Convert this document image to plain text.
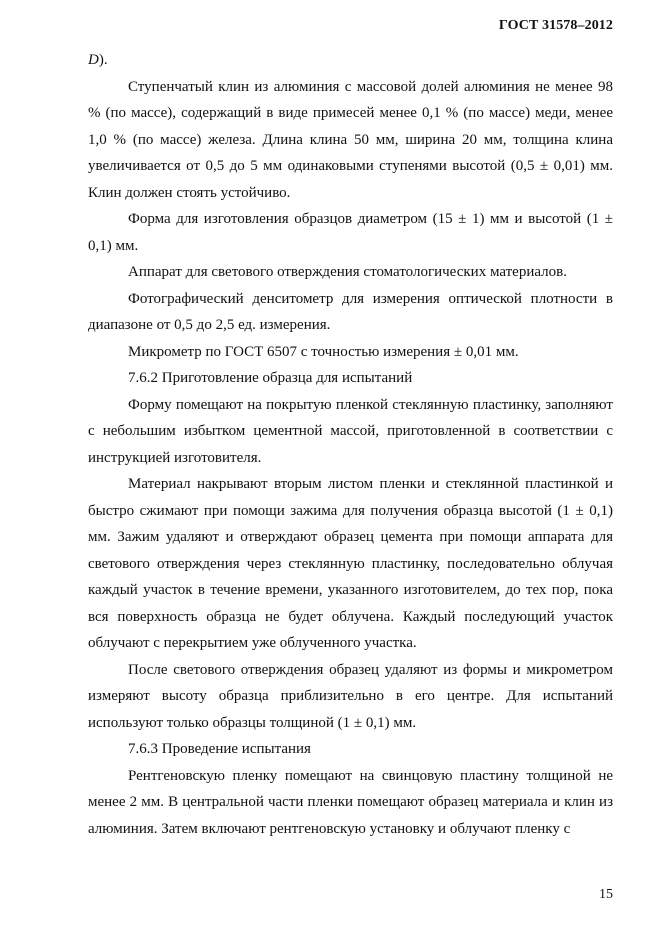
ГОСТ 31578–2012

D).

Ступенчатый клин из алюминия с массовой долей алюминия не менее 98 % (по массе), содержащий в виде примесей менее 0,1 % (по массе) меди, менее 1,0 % (по массе) железа. Длина клина 50 мм, ширина 20 мм, толщина клина увеличивается от 0,5 до 5 мм одинаковыми ступенями высотой (0,5 ± 0,01) мм. Клин должен стоять устойчиво.

Форма для изготовления образцов диаметром (15 ± 1) мм и высотой (1 ± 0,1) мм.

Аппарат для светового отверждения стоматологических материалов.

Фотографический денситометр для измерения оптической плотности в диапазоне от 0,5 до 2,5 ед. измерения.

Микрометр по ГОСТ 6507 с точностью измерения ± 0,01 мм.

7.6.2 Приготовление образца для испытаний

Форму помещают на покрытую пленкой стеклянную пластинку, заполняют с небольшим избытком цементной массой, приготовленной в соответствии с инструкцией изготовителя.

Материал накрывают вторым листом пленки и стеклянной пластинкой и быстро сжимают при помощи зажима для получения образца высотой (1 ± 0,1) мм. Зажим удаляют и отверждают образец цемента при помощи аппарата для светового отверждения через стеклянную пластинку, последовательно облучая каждый участок в течение времени, указанного изготовителем, до тех пор, пока вся поверхность образца не будет облучена. Каждый последующий участок облучают с перекрытием уже облученного участка.

После светового отверждения образец удаляют из формы и микрометром измеряют высоту образца приблизительно в его центре. Для испытаний используют только образцы толщиной (1 ± 0,1) мм.

7.6.3 Проведение испытания

Рентгеновскую пленку помещают на свинцовую пластину толщиной не менее 2 мм. В центральной части пленки помещают образец материала и клин из алюминия. Затем включают рентгеновскую установку и облучают пленку с

15
